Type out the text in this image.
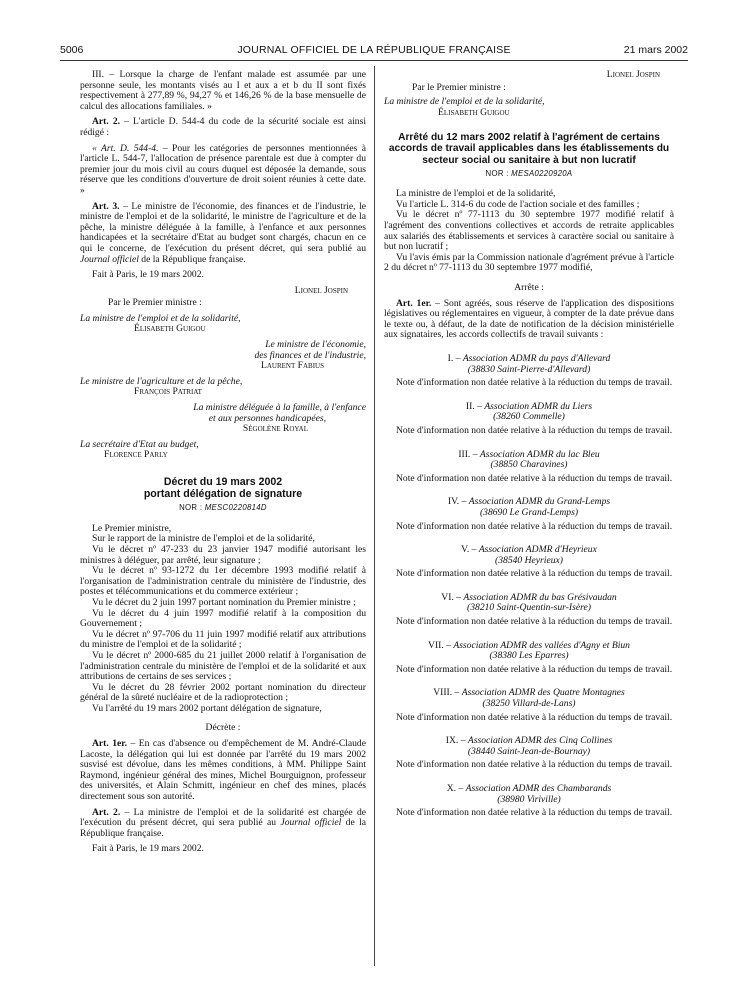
5006	JOURNAL OFFICIEL DE LA RÉPUBLIQUE FRANÇAISE	21 mars 2002

III. – Lorsque la charge de l'enfant malade est assumée par une personne seule, les montants visés au I et aux a et b du II sont fixés respectivement à 277,89 %, 94,27 % et 146,26 % de la base mensuelle de calcul des allocations familiales. »

Art. 2. – L'article D. 544-4 du code de la sécurité sociale est ainsi rédigé :

« Art. D. 544-4. – Pour les catégories de personnes mentionnées à l'article L. 544-7, l'allocation de présence parentale est due à compter du premier jour du mois civil au cours duquel est déposée la demande, sous réserve que les conditions d'ouverture de droit soient réunies à cette date. »

Art. 3. – Le ministre de l'économie, des finances et de l'industrie, le ministre de l'emploi et de la solidarité, le ministre de l'agriculture et de la pêche, la ministre déléguée à la famille, à l'enfance et aux personnes handicapées et la secrétaire d'Etat au budget sont chargés, chacun en ce qui le concerne, de l'exécution du présent décret, qui sera publié au Journal officiel de la République française.

Fait à Paris, le 19 mars 2002.

Lionel Jospin

Par le Premier ministre :

La ministre de l'emploi et de la solidarité,

Élisabeth Guigou

Le ministre de l'économie,

des finances et de l'industrie,

Laurent Fabius

Le ministre de l'agriculture et de la pêche,

François Patriat

La ministre déléguée à la famille, à l'enfance

et aux personnes handicapées,

Ségolène Royal

La secrétaire d'Etat au budget,

Florence Parly

Décret du 19 mars 2002
portant délégation de signature
NOR : MESC0220814D

Le Premier ministre,

Sur le rapport de la ministre de l'emploi et de la solidarité,

Vu le décret nº 47-233 du 23 janvier 1947 modifié autorisant les ministres à déléguer, par arrêté, leur signature ;

Vu le décret nº 93-1272 du 1er décembre 1993 modifié relatif à l'organisation de l'administration centrale du ministère de l'industrie, des postes et télécommunications et du commerce extérieur ;

Vu le décret du 2 juin 1997 portant nomination du Premier ministre ;

Vu le décret du 4 juin 1997 modifié relatif à la composition du Gouvernement ;

Vu le décret nº 97-706 du 11 juin 1997 modifié relatif aux attributions du ministre de l'emploi et de la solidarité ;

Vu le décret nº 2000-685 du 21 juillet 2000 relatif à l'organisation de l'administration centrale du ministère de l'emploi et de la solidarité et aux attributions de certains de ses services ;

Vu le décret du 28 février 2002 portant nomination du directeur général de la sûreté nucléaire et de la radioprotection ;

Vu l'arrêté du 19 mars 2002 portant délégation de signature,

Décrète :

Art. 1er. – En cas d'absence ou d'empêchement de M. André-Claude Lacoste, la délégation qui lui est donnée par l'arrêté du 19 mars 2002 susvisé est dévolue, dans les mêmes conditions, à MM. Philippe Saint Raymond, ingénieur général des mines, Michel Bourguignon, professeur des universités, et Alain Schmitt, ingénieur en chef des mines, placés directement sous son autorité.

Art. 2. – La ministre de l'emploi et de la solidarité est chargée de l'exécution du présent décret, qui sera publié au Journal officiel de la République française.

Fait à Paris, le 19 mars 2002.

Lionel Jospin

Par le Premier ministre :

La ministre de l'emploi et de la solidarité,

Élisabeth Guigou

Arrêté du 12 mars 2002 relatif à l'agrément de certains accords de travail applicables dans les établissements du secteur social ou sanitaire à but non lucratif
NOR : MESA0220920A

La ministre de l'emploi et de la solidarité,

Vu l'article L. 314-6 du code de l'action sociale et des familles ;

Vu le décret nº 77-1113 du 30 septembre 1977 modifié relatif à l'agrément des conventions collectives et accords de retraite applicables aux salariés des établissements et services à caractère social ou sanitaire à but non lucratif ;

Vu l'avis émis par la Commission nationale d'agrément prévue à l'article 2 du décret nº 77-1113 du 30 septembre 1977 modifié,

Arrête :

Art. 1er. – Sont agréés, sous réserve de l'application des dispositions législatives ou réglementaires en vigueur, à compter de la date prévue dans le texte ou, à défaut, de la date de notification de la décision ministérielle aux signataires, les accords collectifs de travail suivants :

I. – Association ADMR du pays d'Allevard
(38830 Saint-Pierre-d'Allevard)

Note d'information non datée relative à la réduction du temps de travail.

II. – Association ADMR du Liers
(38260 Commelle)

Note d'information non datée relative à la réduction du temps de travail.

III. – Association ADMR du lac Bleu
(38850 Charavines)

Note d'information non datée relative à la réduction du temps de travail.

IV. – Association ADMR du Grand-Lemps
(38690 Le Grand-Lemps)

Note d'information non datée relative à la réduction du temps de travail.

V. – Association ADMR d'Heyrieux
(38540 Heyrieux)

Note d'information non datée relative à la réduction du temps de travail.

VI. – Association ADMR du bas Grésivaudan
(38210 Saint-Quentin-sur-Isère)

Note d'information non datée relative à la réduction du temps de travail.

VII. – Association ADMR des vallées d'Agny et Biun
(38380 Les Eparres)

Note d'information non datée relative à la réduction du temps de travail.

VIII. – Association ADMR des Quatre Montagnes
(38250 Villard-de-Lans)

Note d'information non datée relative à la réduction du temps de travail.

IX. – Association ADMR des Cinq Collines
(38440 Saint-Jean-de-Bournay)

Note d'information non datée relative à la réduction du temps de travail.

X. – Association ADMR des Chambarands
(38980 Viriville)

Note d'information non datée relative à la réduction du temps de travail.
